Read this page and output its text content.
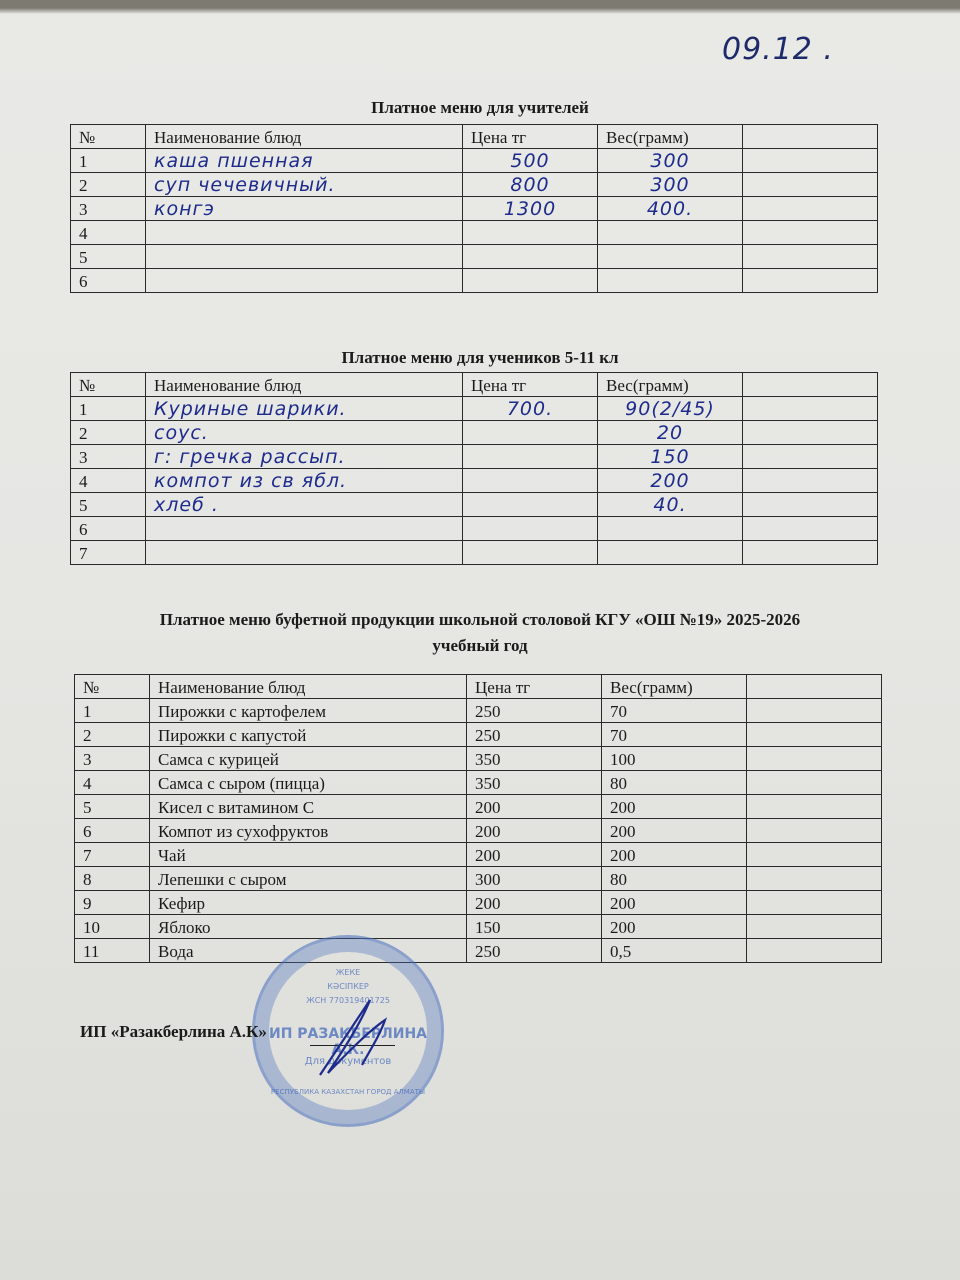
09.12 .
Платное меню для учителей
№	Наименование блюд	Цена тг	Вес(грамм)	
1	каша пшенная	500	300	
2	суп чечевичный.	800	300	
3	конгэ	1300	400.	
4				
5				
6				
Платное меню для учеников 5-11 кл
№	Наименование блюд	Цена тг	Вес(грамм)	
1	Куриные шарики.	700.	90(2/45)	
2	соус.		20	
3	г: гречка рассып.		150	
4	компот из св ябл.		200	
5	хлеб .		40.	
6				
7				
Платное меню буфетной продукции школьной столовой КГУ «ОШ №19» 2025-2026
учебный год
№	Наименование блюд	Цена тг	Вес(грамм)	
1	Пирожки с картофелем	250	70	
2	Пирожки с капустой	250	70	
3	Самса с курицей	350	100	
4	Самса с сыром (пицца)	350	80	
5	Кисел с витамином С	200	200	
6	Компот из сухофруктов	200	200	
7	Чай	200	200	
8	Лепешки с сыром	300	80	
9	Кефир	200	200	
10	Яблоко	150	200	
11	Вода	250	0,5	
ЖЕКЕ
КӘСІПКЕР
ЖСН 770319401725
ИП РАЗАКБЕРЛИНА А.К.
Для документов
РЕСПУБЛИКА КАЗАХСТАН ГОРОД АЛМАТЫ
ИП «Разакберлина А.К»
